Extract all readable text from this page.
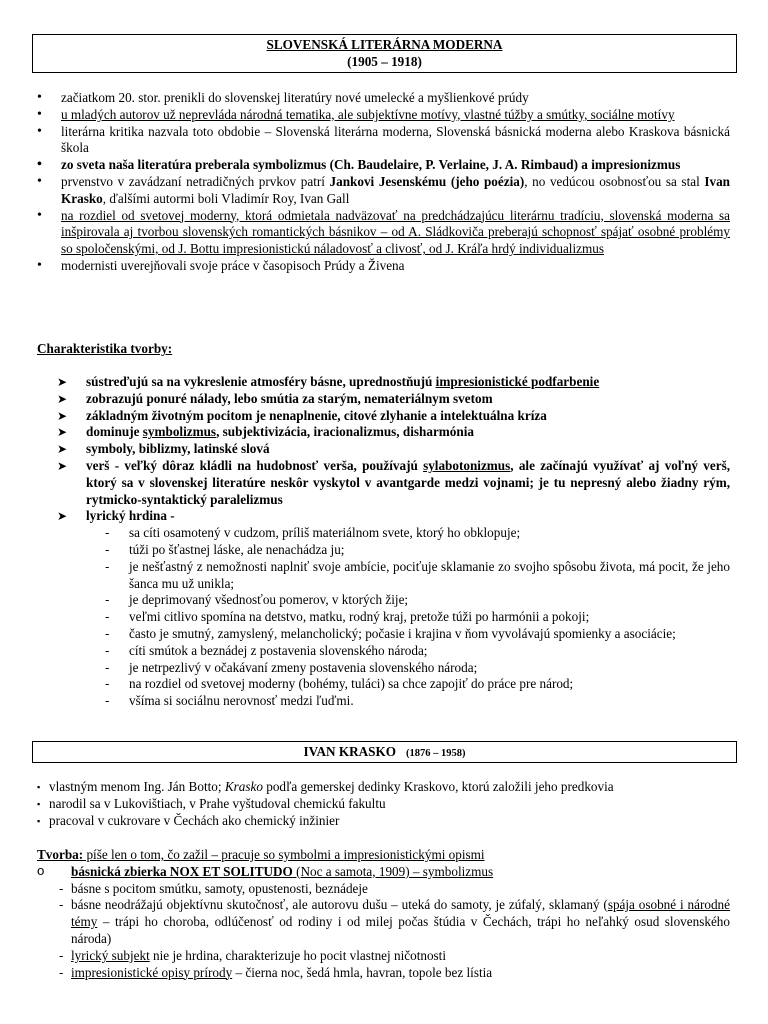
SLOVENSKÁ LITERÁRNA MODERNA
(1905 – 1918)
• začiatkom 20. stor. prenikli do slovenskej literatúry nové umelecké a myšlienkové prúdy
• u mladých autorov už neprevláda národná tematika, ale subjektívne motívy, vlastné túžby a smútky, sociálne motívy
• literárna kritika nazvala toto obdobie – Slovenská literárna moderna, Slovenská básnická moderna alebo Kraskova básnická škola
• zo sveta naša literatúra preberala symbolizmus (Ch. Baudelaire, P. Verlaine, J. A. Rimbaud) a impresionizmus
• prvenstvo v zavádzaní netradičných prvkov patrí Jankovi Jesenskému (jeho poézia), no vedúcou osobnosťou sa stal Ivan Krasko, ďalšími autormi boli Vladimír Roy, Ivan Gall
• na rozdiel od svetovej moderny, ktorá odmietala nadväzovať na predchádzajúcu literárnu tradíciu, slovenská moderna sa inšpirovala aj tvorbou slovenských romantických básnikov – od A. Sládkoviča preberajú schopnosť spájať osobné problémy so spoločenskými, od J. Bottu impresionistickú náladovosť a clivosť, od J. Kráľa hrdý individualizmus
• modernisti uverejňovali svoje práce v časopisoch Prúdy a Živena
Charakteristika tvorby:
➤ sústreďujú sa na vykreslenie atmosféry básne, uprednostňujú impresionistické podfarbenie
➤ zobrazujú ponuré nálady, lebo smútia za starým, nemateriálnym svetom
➤ základným životným pocitom je nenaplnenie, citové zlyhanie a intelektuálna kríza
➤ dominuje symbolizmus, subjektivizácia, iracionalizmus, disharmónia
➤ symboly, biblizmy, latinské slová
➤ verš - veľký dôraz kládli na hudobnosť verša, používajú sylabotonizmus, ale začínajú využívať aj voľný verš, ktorý sa v slovenskej literatúre neskôr vyskytol v avantgarde medzi vojnami; je tu nepresný alebo žiadny rým, rytmicko-syntaktický paralelizmus
➤ lyrický hrdina -
- sa cíti osamotený v cudzom, príliš materiálnom svete, ktorý ho obklopuje;
- túži po šťastnej láske, ale nenachádza ju;
- je nešťastný z nemožnosti naplniť svoje ambície, pociťuje sklamanie zo svojho spôsobu života, má pocit, že jeho šanca mu už unikla;
- je deprimovaný všednosťou pomerov, v ktorých žije;
- veľmi citlivo spomína na detstvo, matku, rodný kraj, pretože túži po harmónii a pokoji;
- často je smutný, zamyslený, melancholický; počasie i krajina v ňom vyvolávajú spomienky a asociácie;
- cíti smútok a beznádej z postavenia slovenského národa;
- je netrpezlivý v očakávaní zmeny postavenia slovenského národa;
- na rozdiel od svetovej moderny (bohémy, tuláci) sa chce zapojiť do práce pre národ;
- všíma si sociálnu nerovnosť medzi ľuďmi.
IVAN KRASKO (1876 – 1958)
▪ vlastným menom Ing. Ján Botto; Krasko podľa gemerskej dedinky Kraskovo, ktorú založili jeho predkovia
▪ narodil sa v Lukovištiach, v Prahe vyštudoval chemickú fakultu
▪ pracoval v cukrovare v Čechách ako chemický inžinier
Tvorba: píše len o tom, čo zažil – pracuje so symbolmi a impresionistickými opismi
o básnická zbierka NOX ET SOLITUDO (Noc a samota, 1909) – symbolizmus
- básne s pocitom smútku, samoty, opustenosti, beznádeje
- básne neodrážajú objektívnu skutočnosť, ale autorovu dušu – uteká do samoty, je zúfalý, sklamaný (spája osobné i národné témy – trápi ho choroba, odlúčenosť od rodiny i od milej počas štúdia v Čechách, trápi ho neľahký osud slovenského národa)
- lyrický subjekt nie je hrdina, charakterizuje ho pocit vlastnej ničotnosti
- impresionistické opisy prírody – čierna noc, šedá hmla, havran, topole bez lístia
